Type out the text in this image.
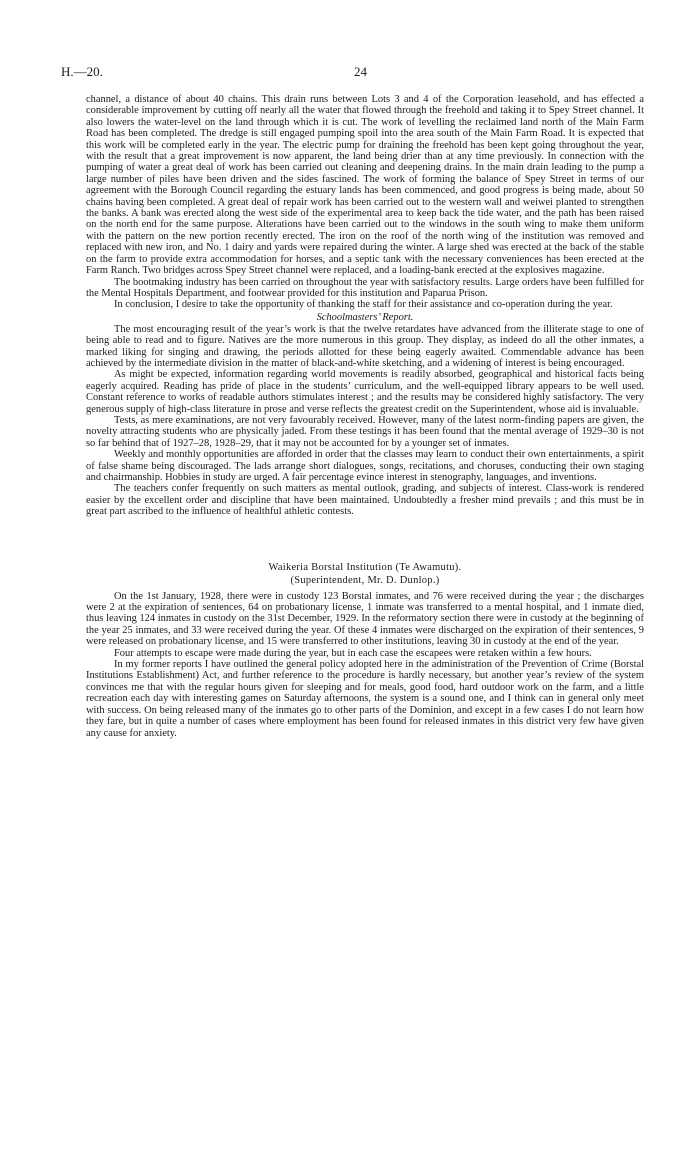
H.—20.	24

channel, a distance of about 40 chains. This drain runs between Lots 3 and 4 of the Corporation leasehold, and has effected a considerable improvement by cutting off nearly all the water that flowed through the freehold and taking it to Spey Street channel. It also lowers the water-level on the land through which it is cut. The work of levelling the reclaimed land north of the Main Farm Road has been completed. The dredge is still engaged pumping spoil into the area south of the Main Farm Road. It is expected that this work will be completed early in the year. The electric pump for draining the freehold has been kept going throughout the year, with the result that a great improvement is now apparent, the land being drier than at any time previously. In connection with the pumping of water a great deal of work has been carried out cleaning and deepening drains. In the main drain leading to the pump a large number of piles have been driven and the sides fascined. The work of forming the balance of Spey Street in terms of our agreement with the Borough Council regarding the estuary lands has been commenced, and good progress is being made, about 50 chains having been completed. A great deal of repair work has been carried out to the western wall and weiwei planted to strengthen the banks. A bank was erected along the west side of the experimental area to keep back the tide water, and the path has been raised on the north end for the same purpose. Alterations have been carried out to the windows in the south wing to make them uniform with the pattern on the new portion recently erected. The iron on the roof of the north wing of the institution was removed and replaced with new iron, and No. 1 dairy and yards were repaired during the winter. A large shed was erected at the back of the stable on the farm to provide extra accommodation for horses, and a septic tank with the necessary conveniences has been erected at the Farm Ranch. Two bridges across Spey Street channel were replaced, and a loading-bank erected at the explosives magazine.

The bootmaking industry has been carried on throughout the year with satisfactory results. Large orders have been fulfilled for the Mental Hospitals Department, and footwear provided for this institution and Paparua Prison.

In conclusion, I desire to take the opportunity of thanking the staff for their assistance and co-operation during the year.

Schoolmasters’ Report.

The most encouraging result of the year’s work is that the twelve retardates have advanced from the illiterate stage to one of being able to read and to figure. Natives are the more numerous in this group. They display, as indeed do all the other inmates, a marked liking for singing and drawing, the periods allotted for these being eagerly awaited. Commendable advance has been achieved by the intermediate division in the matter of black-and-white sketching, and a widening of interest is being encouraged.

As might be expected, information regarding world movements is readily absorbed, geographical and historical facts being eagerly acquired. Reading has pride of place in the students’ curriculum, and the well-equipped library appears to be well used. Constant reference to works of readable authors stimulates interest ; and the results may be considered highly satisfactory. The very generous supply of high-class literature in prose and verse reflects the greatest credit on the Superintendent, whose aid is invaluable.

Tests, as mere examinations, are not very favourably received. However, many of the latest norm-finding papers are given, the novelty attracting students who are physically jaded. From these testings it has been found that the mental average of 1929–30 is not so far behind that of 1927–28, 1928–29, that it may not be accounted for by a younger set of inmates.

Weekly and monthly opportunities are afforded in order that the classes may learn to conduct their own entertainments, a spirit of false shame being discouraged. The lads arrange short dialogues, songs, recitations, and choruses, conducting their own staging and chairmanship. Hobbies in study are urged. A fair percentage evince interest in stenography, languages, and inventions.

The teachers confer frequently on such matters as mental outlook, grading, and subjects of interest. Class-work is rendered easier by the excellent order and discipline that have been maintained. Undoubtedly a fresher mind prevails ; and this must be in great part ascribed to the influence of healthful athletic contests.

Waikeria Borstal Institution (Te Awamutu).

(Superintendent, Mr. D. Dunlop.)

On the 1st January, 1928, there were in custody 123 Borstal inmates, and 76 were received during the year ; the discharges were 2 at the expiration of sentences, 64 on probationary license, 1 inmate was transferred to a mental hospital, and 1 inmate died, thus leaving 124 inmates in custody on the 31st December, 1929. In the reformatory section there were in custody at the beginning of the year 25 inmates, and 33 were received during the year. Of these 4 inmates were discharged on the expiration of their sentences, 9 were released on probationary license, and 15 were transferred to other institutions, leaving 30 in custody at the end of the year.

Four attempts to escape were made during the year, but in each case the escapees were retaken within a few hours.

In my former reports I have outlined the general policy adopted here in the administration of the Prevention of Crime (Borstal Institutions Establishment) Act, and further reference to the procedure is hardly necessary, but another year’s review of the system convinces me that with the regular hours given for sleeping and for meals, good food, hard outdoor work on the farm, and a little recreation each day with interesting games on Saturday afternoons, the system is a sound one, and I think can in general only meet with success. On being released many of the inmates go to other parts of the Dominion, and except in a few cases I do not learn how they fare, but in quite a number of cases where employment has been found for released inmates in this district very few have given any cause for anxiety.
